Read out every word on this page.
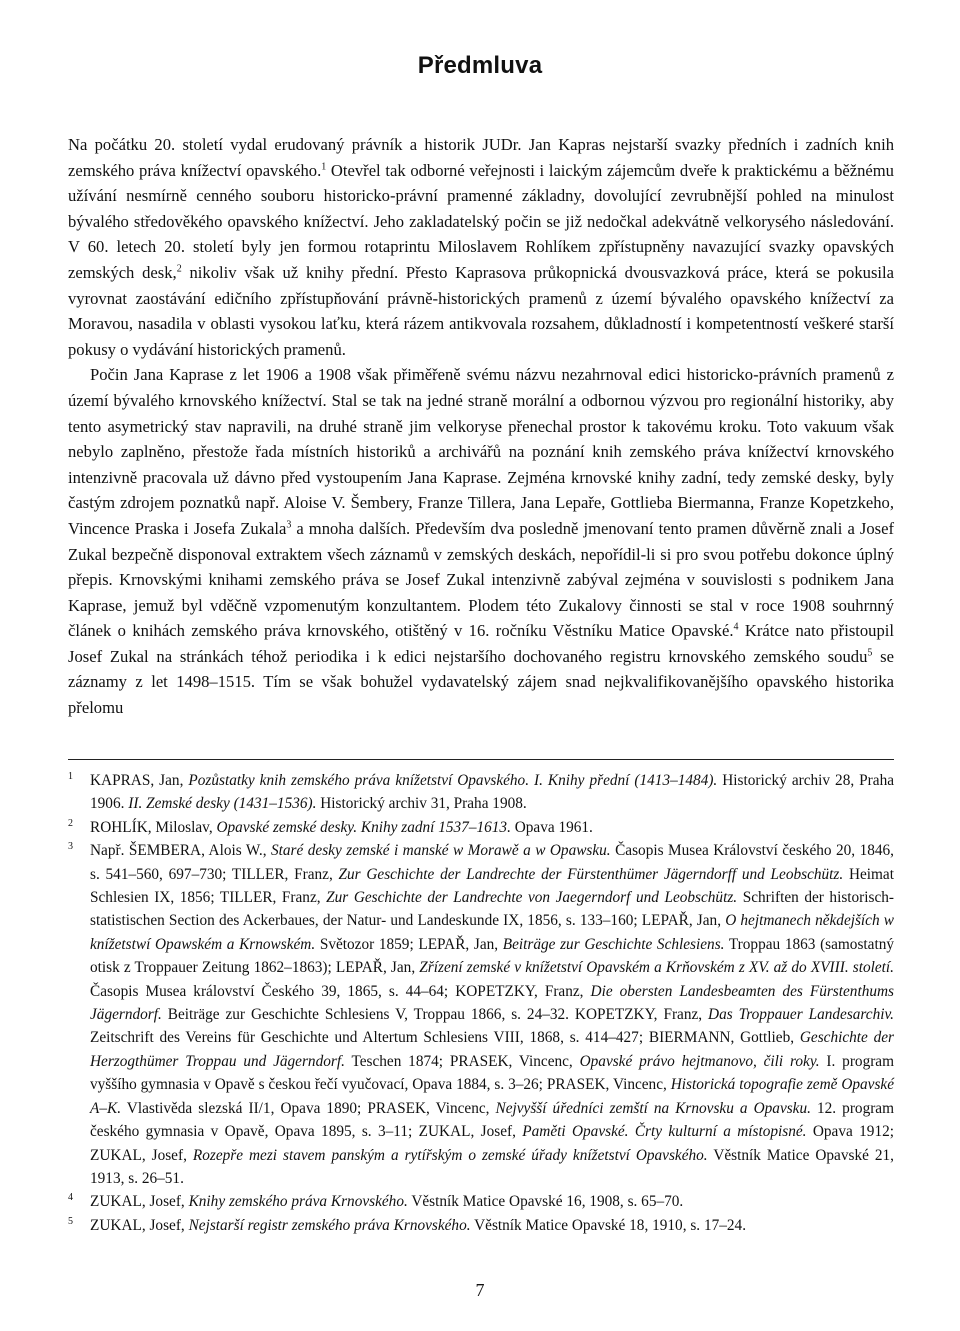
Předmluva

Na počátku 20. století vydal erudovaný právník a historik JUDr. Jan Kapras nejstarší svazky předních i zadních knih zemského práva knížectví opavského.$^1$ Otevřel tak odborné veřejnosti i laickým zájemcům dveře k praktickému a běžnému užívání nesmírně cenného souboru historicko-právní pramenné základny, dovolující zevrubnější pohled na minulost bývalého středověkého opavského knížectví. Jeho zakladatelský počin se již nedočkal adekvátně velkorysého následování. V 60. letech 20. století byly jen formou rotaprintu Miloslavem Rohlíkem zpřístupněny navazující svazky opavských zemských desk,$^2$ nikoliv však už knihy přední. Přesto Kaprasova průkopnická dvousvazková práce, která se pokusila vyrovnat zaostávání edičního zpřístupňování právně-historických pramenů z území bývalého opavského knížectví za Moravou, nasadila v oblasti vysokou laťku, která rázem antikvovala rozsahem, důkladností i kompetentností veškeré starší pokusy o vydávání historických pramenů.

Počin Jana Kaprase z let 1906 a 1908 však přiměřeně svému názvu nezahrnoval edici historicko-právních pramenů z území bývalého krnovského knížectví. Stal se tak na jedné straně morální a odbornou výzvou pro regionální historiky, aby tento asymetrický stav napravili, na druhé straně jim velkoryse přenechal prostor k takovému kroku. Toto vakuum však nebylo zaplněno, přestože řada místních historiků a archivářů na poznání knih zemského práva knížectví krnovského intenzivně pracovala už dávno před vystoupením Jana Kaprase. Zejména krnovské knihy zadní, tedy zemské desky, byly častým zdrojem poznatků např. Aloise V. Šembery, Franze Tillera, Jana Lepaře, Gottlieba Biermanna, Franze Kopetzkeho, Vincence Praska i Josefa Zukala$^3$ a mnoha dalších. Především dva posledně jmenovaní tento pramen důvěrně znali a Josef Zukal bezpečně disponoval extraktem všech záznamů v zemských deskách, nepořídil-li si pro svou potřebu dokonce úplný přepis. Krnovskými knihami zemského práva se Josef Zukal intenzivně zabýval zejména v souvislosti s podnikem Jana Kaprase, jemuž byl vděčně vzpomenutým konzultantem. Plodem této Zukalovy činnosti se stal v roce 1908 souhrnný článek o knihách zemského práva krnovského, otištěný v 16. ročníku Věstníku Matice Opavské.$^4$ Krátce nato přistoupil Josef Zukal na stránkách téhož periodika i k edici nejstaršího dochovaného registru krnovského zemského soudu$^5$ se záznamy z let 1498–1515. Tím se však bohužel vydavatelský zájem snad nejkvalifikovanějšího opavského historika přelomu

1 KAPRAS, Jan, Pozůstatky knih zemského práva knížetství Opavského. I. Knihy přední (1413–1484). Historický archiv 28, Praha 1906. II. Zemské desky (1431–1536). Historický archiv 31, Praha 1908.
2 ROHLÍK, Miloslav, Opavské zemské desky. Knihy zadní 1537–1613. Opava 1961.
3 Např. ŠEMBERA, Alois W., Staré desky zemské i manské w Morawě a w Opawsku. Časopis Musea Království českého 20, 1846, s. 541–560, 697–730; TILLER, Franz, Zur Geschichte der Landrechte der Fürstenthümer Jägerndorff und Leobschütz. Heimat Schlesien IX, 1856; TILLER, Franz, Zur Geschichte der Landrechte von Jaegerndorf und Leobschütz. Schriften der historisch-statistischen Section des Ackerbaues, der Natur- und Landeskunde IX, 1856, s. 133–160; LEPAŘ, Jan, O hejtmanech někdejších w knížetstwí Opawském a Krnowském. Světozor 1859; LEPAŘ, Jan, Beiträge zur Geschichte Schlesiens. Troppau 1863 (samostatný otisk z Troppauer Zeitung 1862–1863); LEPAŘ, Jan, Zřízení zemské v knížetství Opavském a Krňovském z XV. až do XVIII. století. Časopis Musea království Českého 39, 1865, s. 44–64; KOPETZKY, Franz, Die obersten Landesbeamten des Fürstenthums Jägerndorf. Beiträge zur Geschichte Schlesiens V, Troppau 1866, s. 24–32. KOPETZKY, Franz, Das Troppauer Landesarchiv. Zeitschrift des Vereins für Geschichte und Altertum Schlesiens VIII, 1868, s. 414–427; BIERMANN, Gottlieb, Geschichte der Herzogthümer Troppau und Jägerndorf. Teschen 1874; PRASEK, Vincenc, Opavské právo hejtmanovo, čili roky. I. program vyššího gymnasia v Opavě s českou řečí vyučovací, Opava 1884, s. 3–26; PRASEK, Vincenc, Historická topografie země Opavské A–K. Vlastivěda slezská II/1, Opava 1890; PRASEK, Vincenc, Nejvyšší úředníci zemští na Krnovsku a Opavsku. 12. program českého gymnasia v Opavě, Opava 1895, s. 3–11; ZUKAL, Josef, Paměti Opavské. Črty kulturní a místopisné. Opava 1912; ZUKAL, Josef, Rozepře mezi stavem panským a rytířským o zemské úřady knížetství Opavského. Věstník Matice Opavské 21, 1913, s. 26–51.
4 ZUKAL, Josef, Knihy zemského práva Krnovského. Věstník Matice Opavské 16, 1908, s. 65–70.
5 ZUKAL, Josef, Nejstarší registr zemského práva Krnovského. Věstník Matice Opavské 18, 1910, s. 17–24.
7
